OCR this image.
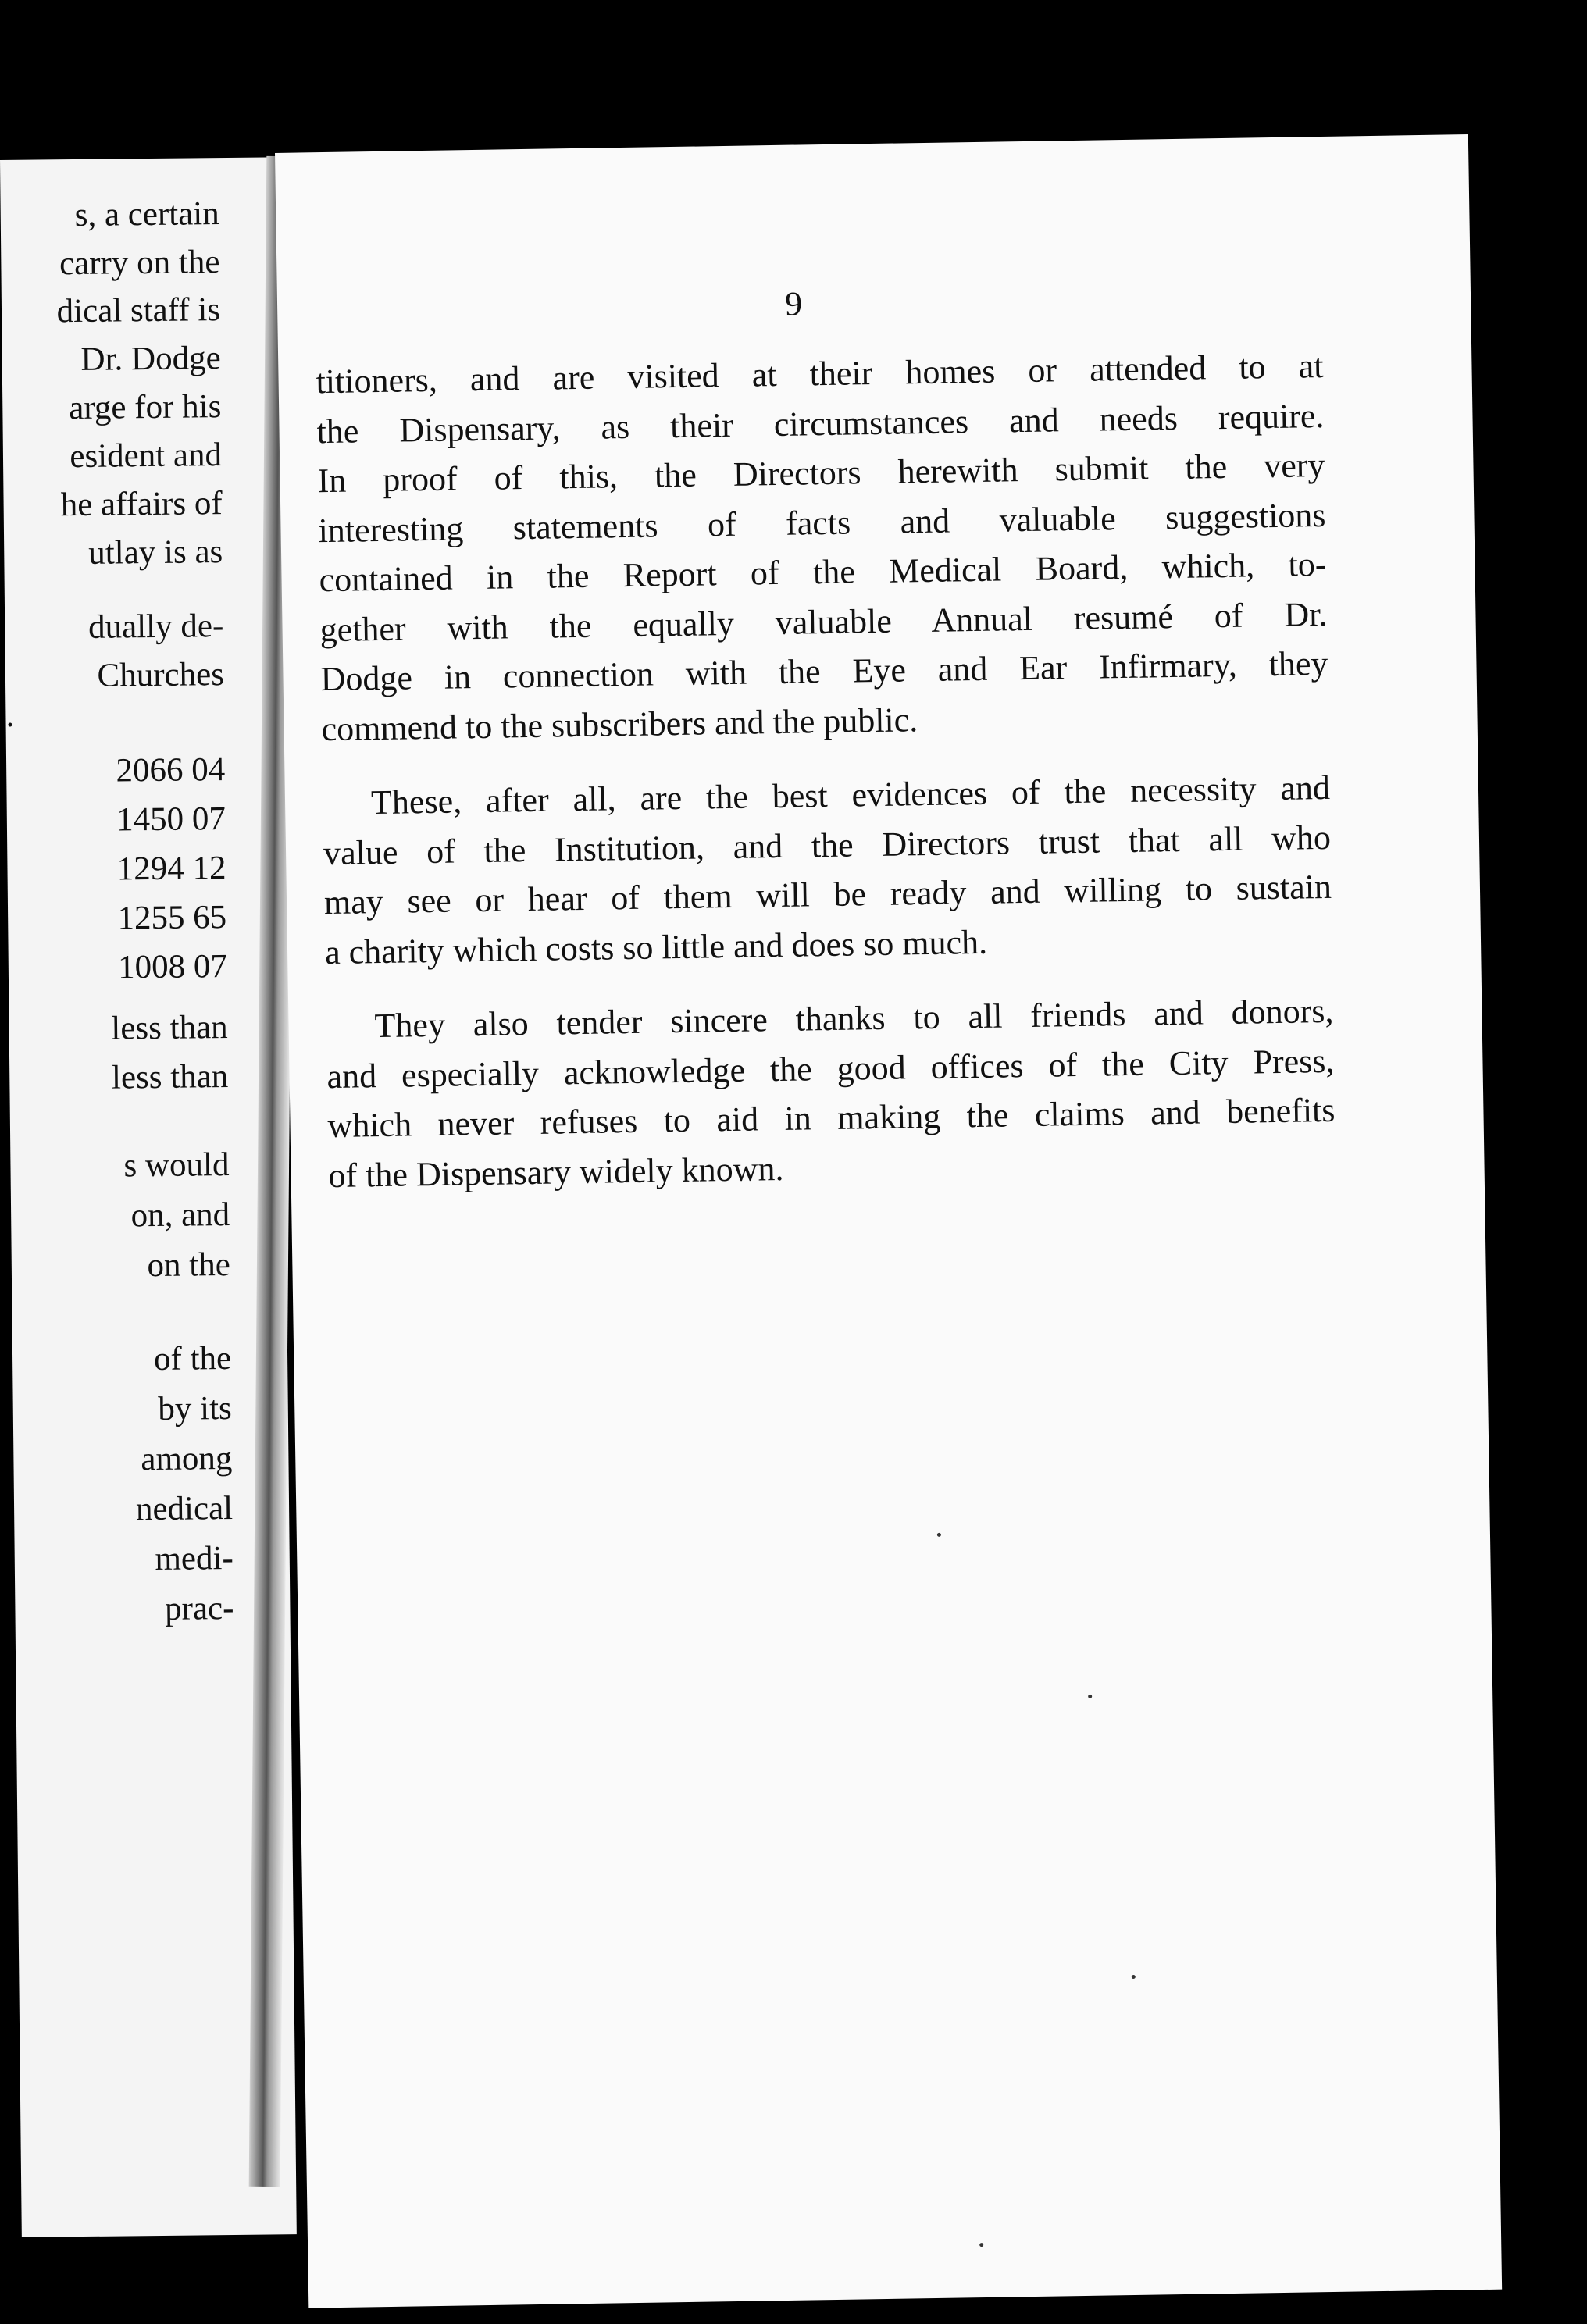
s, a certain
carry on the
dical staff is
Dr. Dodge
arge for his
esident and
he affairs of
utlay is as
dually de-
Churches
.
2066 04
1450 07
1294 12
1255 65
1008 07
less than
less than
s would
on, and
on the
of the
by its
among
nedical
medi-
prac-

9

titioners, and are visited at their homes or attended to at
the Dispensary, as their circumstances and needs require.
In proof of this, the Directors herewith submit the very
interesting statements of facts and valuable suggestions
contained in the Report of the Medical Board, which, to-
gether with the equally valuable Annual resumé of Dr.
Dodge in connection with the Eye and Ear Infirmary, they
commend to the subscribers and the public.

These, after all, are the best evidences of the necessity and
value of the Institution, and the Directors trust that all who
may see or hear of them will be ready and willing to sustain
a charity which costs so little and does so much.

They also tender sincere thanks to all friends and donors,
and especially acknowledge the good offices of the City Press,
which never refuses to aid in making the claims and benefits
of the Dispensary widely known.
